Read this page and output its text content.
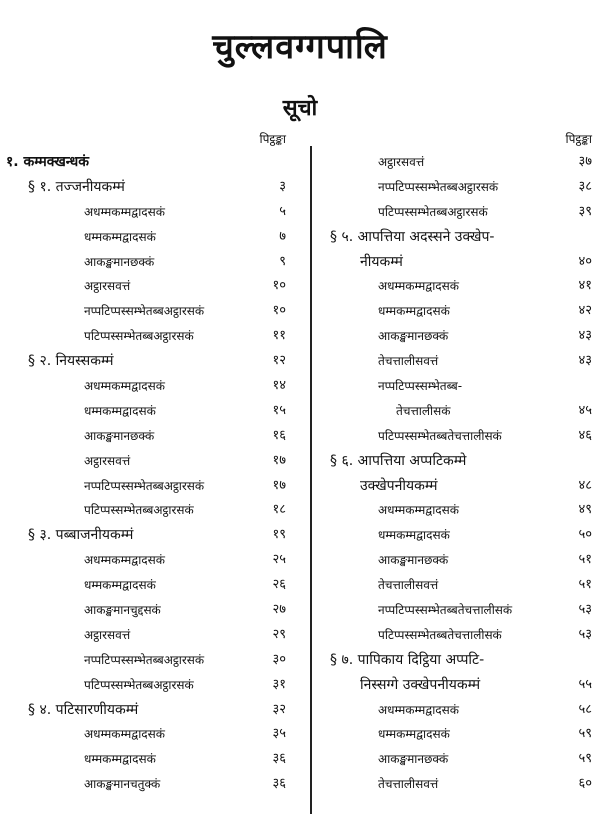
चुल्लवग्गपालि
सूचो
पिट्ठङ्का
१. कम्मक्खन्धकं
§ १. तज्जनीयकम्मं	३
अधम्मकम्मद्वादसकं	५
धम्मकम्मद्वादसकं	७
आकङ्खमानछक्कं	९
अट्ठारसवत्तं	१०
नप्पटिप्पस्सम्भेतब्बअट्ठारसकं	१०
पटिप्पस्सम्भेतब्बअट्ठारसकं	११
§ २. नियस्सकम्मं	१२
अधम्मकम्मद्वादसकं	१४
धम्मकम्मद्वादसकं	१५
आकङ्खमानछक्कं	१६
अट्ठारसवत्तं	१७
नप्पटिप्पस्सम्भेतब्बअट्ठारसकं	१७
पटिप्पस्सम्भेतब्बअट्ठारसकं	१८
§ ३. पब्बाजनीयकम्मं	१९
अधम्मकम्मद्वादसकं	२५
धम्मकम्मद्वादसकं	२६
आकङ्खमानचुद्दसकं	२७
अट्ठारसवत्तं	२९
नप्पटिप्पस्सम्भेतब्बअट्ठारसकं	३०
पटिप्पस्सम्भेतब्बअट्ठारसकं	३१
§ ४. पटिसारणीयकम्मं	३२
अधम्मकम्मद्वादसकं	३५
धम्मकम्मद्वादसकं	३६
आकङ्खमानचतुक्कं	३६
पिट्ठङ्का
अट्ठारसवत्तं	३७
नप्पटिप्पस्सम्भेतब्बअट्ठारसकं	३८
पटिप्पस्सम्भेतब्बअट्ठारसकं	३९
§ ५. आपत्तिया अदस्सने उक्खेप-
नीयकम्मं	४०
अधम्मकम्मद्वादसकं	४१
धम्मकम्मद्वादसकं	४२
आकङ्खमानछक्कं	४३
तेचत्तालीसवत्तं	४३
नप्पटिप्पस्सम्भेतब्ब-
तेचत्तालीसकं	४५
पटिप्पस्सम्भेतब्बतेचत्तालीसकं	४६
§ ६. आपत्तिया अप्पटिकम्मे
उक्खेपनीयकम्मं	४८
अधम्मकम्मद्वादसकं	४९
धम्मकम्मद्वादसकं	५०
आकङ्खमानछक्कं	५१
तेचत्तालीसवत्तं	५१
नप्पटिप्पस्सम्भेतब्बतेचत्तालीसकं	५३
पटिप्पस्सम्भेतब्बतेचत्तालीसकं	५३
§ ७. पापिकाय दिट्ठिया अप्पटि-
निस्सग्गे उक्खेपनीयकम्मं	५५
अधम्मकम्मद्वादसकं	५८
धम्मकम्मद्वादसकं	५९
आकङ्खमानछक्कं	५९
तेचत्तालीसवत्तं	६०
